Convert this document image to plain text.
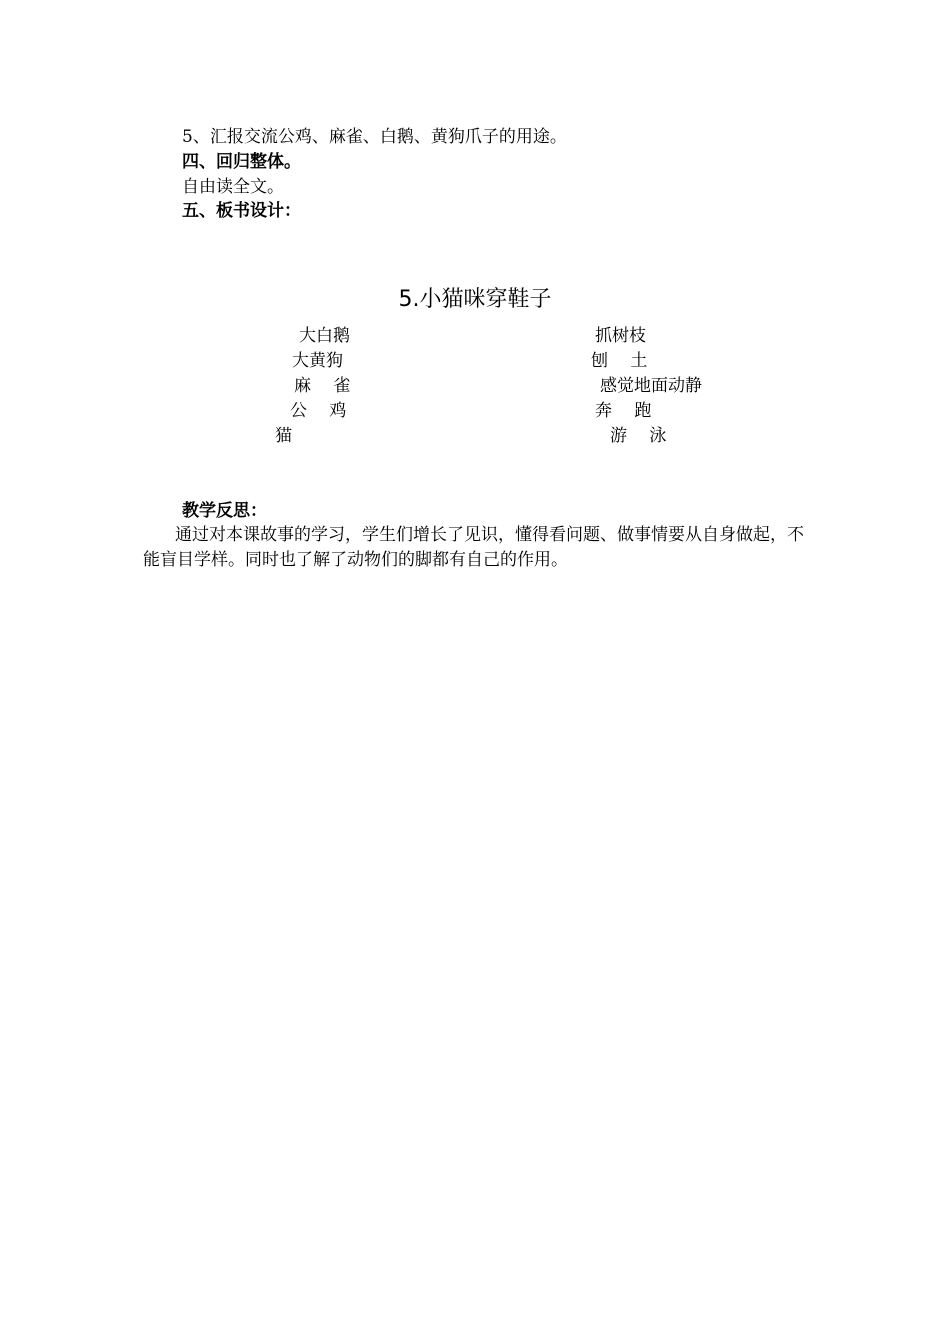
5、汇报交流公鸡、麻雀、白鹅、黄狗爪子的用途。
四、回归整体。
自由读全文。
五、板书设计：
5.小猫咪穿鞋子
大白鹅
大黄狗
麻　 雀
公　 鸡
猫
抓树枝
刨　 土
感觉地面动静
奔　 跑
游　 泳
教学反思：
通过对本课故事的学习，学生们增长了见识，懂得看问题、做事情要从自身做起，不能盲目学样。同时也了解了动物们的脚都有自己的作用。
